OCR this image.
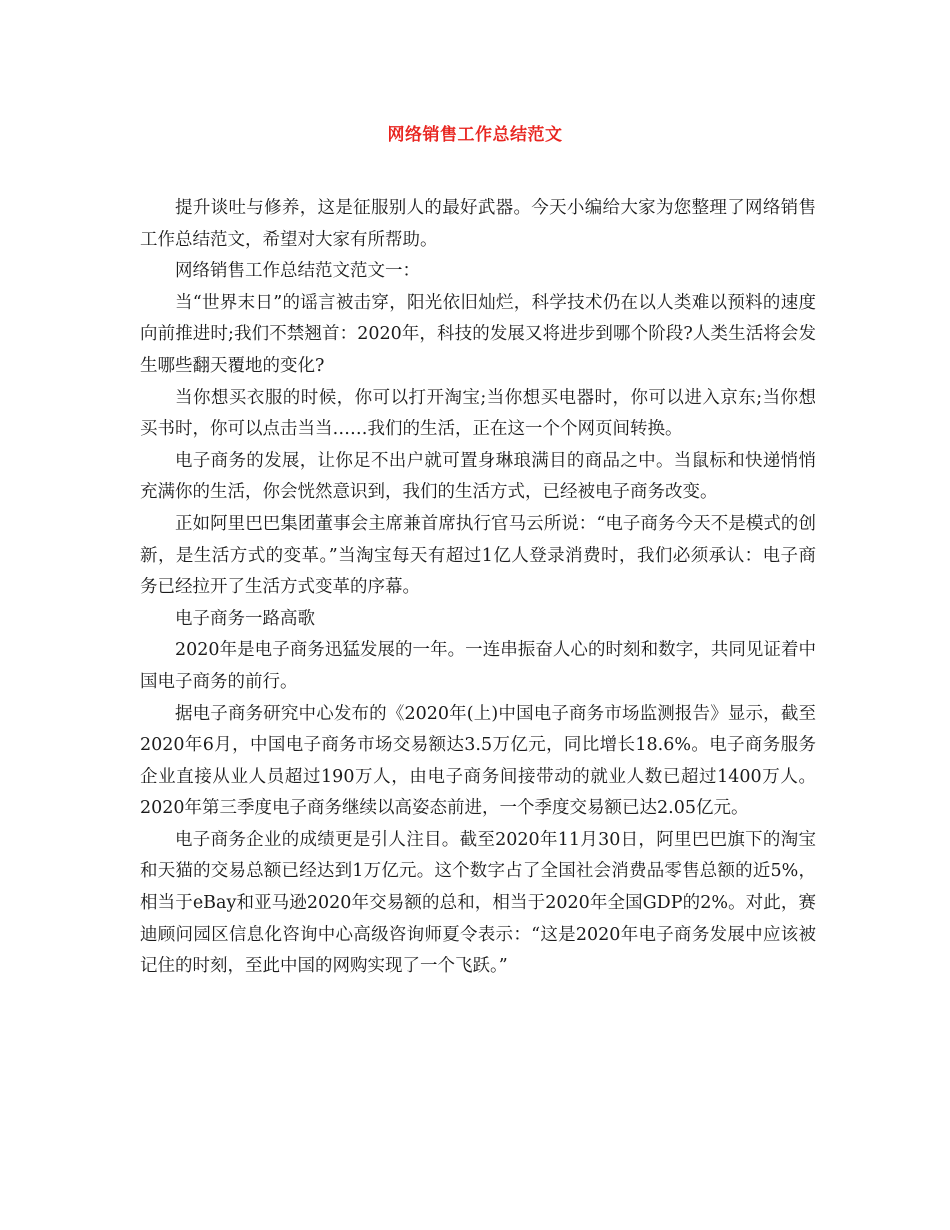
网络销售工作总结范文

提升谈吐与修养，这是征服别人的最好武器。今天小编给大家为您整理了网络销售工作总结范文，希望对大家有所帮助。

网络销售工作总结范文范文一：

当“世界末日”的谣言被击穿，阳光依旧灿烂，科学技术仍在以人类难以预料的速度向前推进时;我们不禁翘首：2020年，科技的发展又将进步到哪个阶段?人类生活将会发生哪些翻天覆地的变化?

当你想买衣服的时候，你可以打开淘宝;当你想买电器时，你可以进入京东;当你想买书时，你可以点击当当……我们的生活，正在这一个个网页间转换。

电子商务的发展，让你足不出户就可置身琳琅满目的商品之中。当鼠标和快递悄悄充满你的生活，你会恍然意识到，我们的生活方式，已经被电子商务改变。

正如阿里巴巴集团董事会主席兼首席执行官马云所说：“电子商务今天不是模式的创新，是生活方式的变革。”当淘宝每天有超过1亿人登录消费时，我们必须承认：电子商务已经拉开了生活方式变革的序幕。

电子商务一路高歌

2020年是电子商务迅猛发展的一年。一连串振奋人心的时刻和数字，共同见证着中国电子商务的前行。

据电子商务研究中心发布的《2020年(上)中国电子商务市场监测报告》显示，截至2020年6月，中国电子商务市场交易额达3.5万亿元，同比增长18.6%。电子商务服务企业直接从业人员超过190万人，由电子商务间接带动的就业人数已超过1400万人。2020年第三季度电子商务继续以高姿态前进，一个季度交易额已达2.05亿元。

电子商务企业的成绩更是引人注目。截至2020年11月30日，阿里巴巴旗下的淘宝和天猫的交易总额已经达到1万亿元。这个数字占了全国社会消费品零售总额的近5%，相当于eBay和亚马逊2020年交易额的总和，相当于2020年全国GDP的2%。对此，赛迪顾问园区信息化咨询中心高级咨询师夏令表示：“这是2020年电子商务发展中应该被记住的时刻，至此中国的网购实现了一个飞跃。”
